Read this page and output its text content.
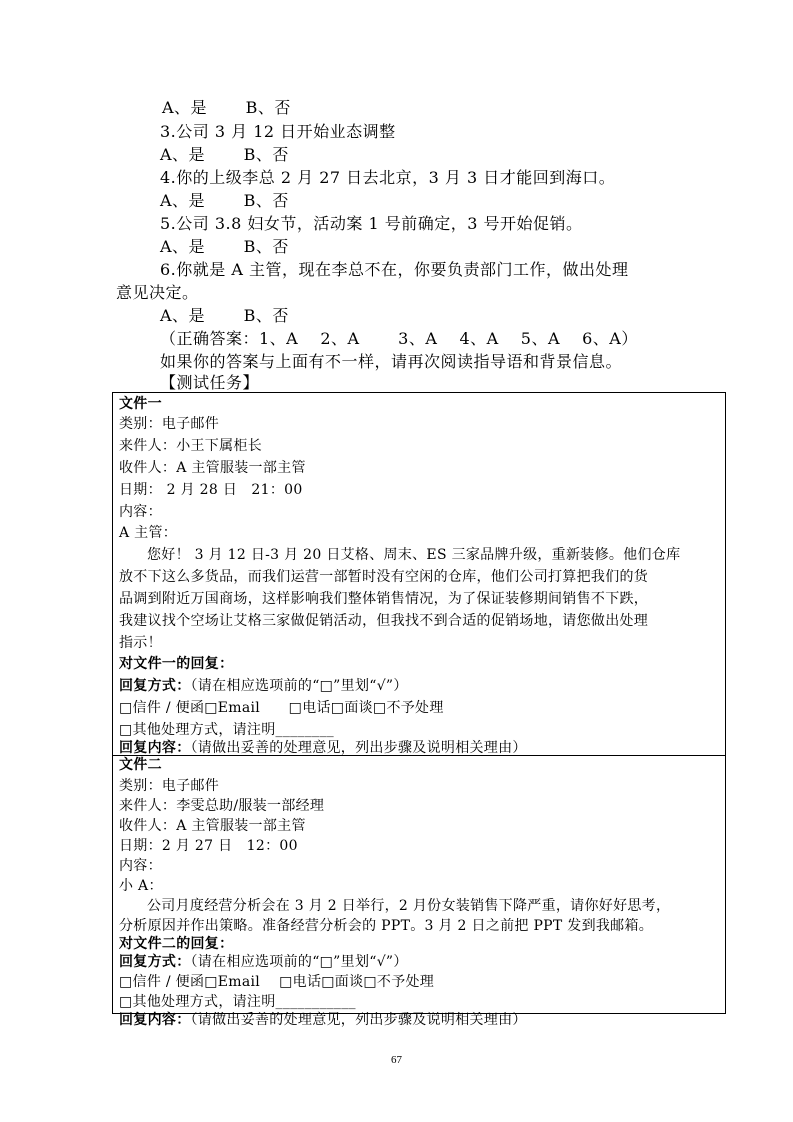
A、是　　 B、否
3.公司 3 月 12 日开始业态调整
A、是　　 B、否
4.你的上级李总 2 月 27 日去北京，3 月 3 日才能回到海口。
A、是　　 B、否
5.公司 3.8 妇女节，活动案 1 号前确定，3 号开始促销。
A、是　　 B、否
6.你就是 A 主管，现在李总不在，你要负责部门工作，做出处理
意见决定。
A、是　　 B、否
（正确答案：1、A　 2、A　　 3、A　 4、A　 5、A　 6、A）
如果你的答案与上面有不一样，请再次阅读指导语和背景信息。
【测试任务】
文件一
类别：电子邮件
来件人：小王下属柜长
收件人：A 主管服装一部主管
日期： 2 月 28 日　21：00
内容：
A 主管：
您好！ 3 月 12 日-3 月 20 日艾格、周末、ES 三家品牌升级，重新装修。他们仓库
放不下这么多货品，而我们运营一部暂时没有空闲的仓库，他们公司打算把我们的货
品调到附近万国商场，这样影响我们整体销售情况，为了保证装修期间销售不下跌，
我建议找个空场让艾格三家做促销活动，但我找不到合适的促销场地，请您做出处理
指示！
对文件一的回复：
回复方式：（请在相应选项前的“□”里划“√”）
□信件 / 便函□Email　　□电话□面谈□不予处理
□其他处理方式，请注明________
回复内容：（请做出妥善的处理意见，列出步骤及说明相关理由）
文件二
类别：电子邮件
来件人：李雯总助/服装一部经理
收件人：A 主管服装一部主管
日期：2 月 27 日　12：00
内容：
小 A：
公司月度经营分析会在 3 月 2 日举行，2 月份女装销售下降严重，请你好好思考，
分析原因并作出策略。准备经营分析会的 PPT。3 月 2 日之前把 PPT 发到我邮箱。
对文件二的回复：
回复方式：（请在相应选项前的“□”里划“√”）
□信件 / 便函□Email　 □电话□面谈□不予处理
□其他处理方式，请注明___________
回复内容：（请做出妥善的处理意见，列出步骤及说明相关理由）
67
